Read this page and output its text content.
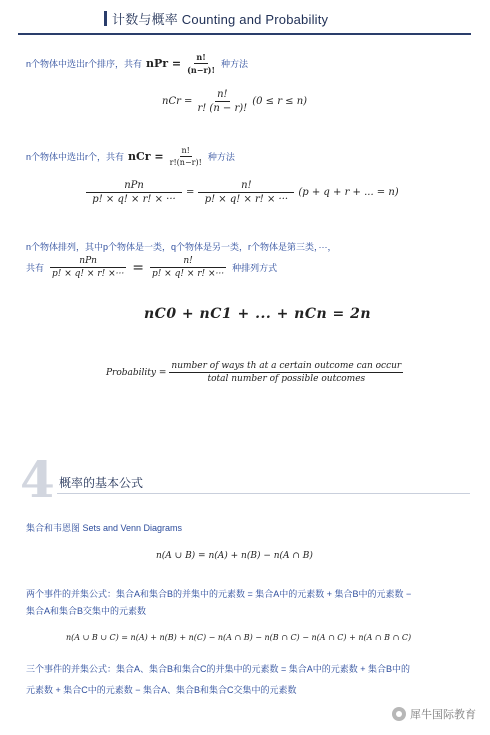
计数与概率 Counting and Probability
n个物体中选出r个排序，共有 nPr = $\frac{n!}{(n-r)!}$ 种方法
nCr = $\frac{n!}{r! (n - r)!} (0 \le r \le n)$
n个物体中选出r个，共有 nCr = $\frac{n!}{r!(n-r)!}$ 种方法
$\frac{\text{nPn}}{p! \times q! \times r! \times \cdot\cdot\cdot} = \frac{n!}{p! \times q! \times r! \times \cdot\cdot\cdot} (p + q + r$ + ... = n)
n个物体排列，其中p个物体是一类，q个物体是另一类，r个物体是第三类，···，
共有 $\frac{\text{nPn}}{p! \times q! \times r! \times\cdot\cdot\cdot} = \frac{n!}{p! \times q! \times r! \times\cdot\cdot\cdot}$ 种排列方式
nC0 + nC1 + ... + nCn = 2n
Probability = $\frac{\text{number of ways th at a certain outcome can occur}}{\text{total number of possible outcomes}}$
4 概率的基本公式
集合和韦恩图 Sets and Venn Diagrams
n(A ∪ B) = n(A) + n(B) − n(A ∩ B)
两个事件的并集公式：集合A和集合B的并集中的元素数 = 集合A中的元素数 + 集合B中的元素数 −
集合A和集合B交集中的元素数
n(A ∪ B ∪ C) = n(A) + n(B) + n(C) − n(A ∩ B) − n(B ∩ C) − n(A ∩ C) + n(A ∩ B ∩ C)
三个事件的并集公式：集合A、集合B和集合C的并集中的元素数 = 集合A中的元素数 + 集合B中的
元素数 + 集合C中的元素数 − 集合A、集合B和集合C交集中的元素数
犀牛国际教育
